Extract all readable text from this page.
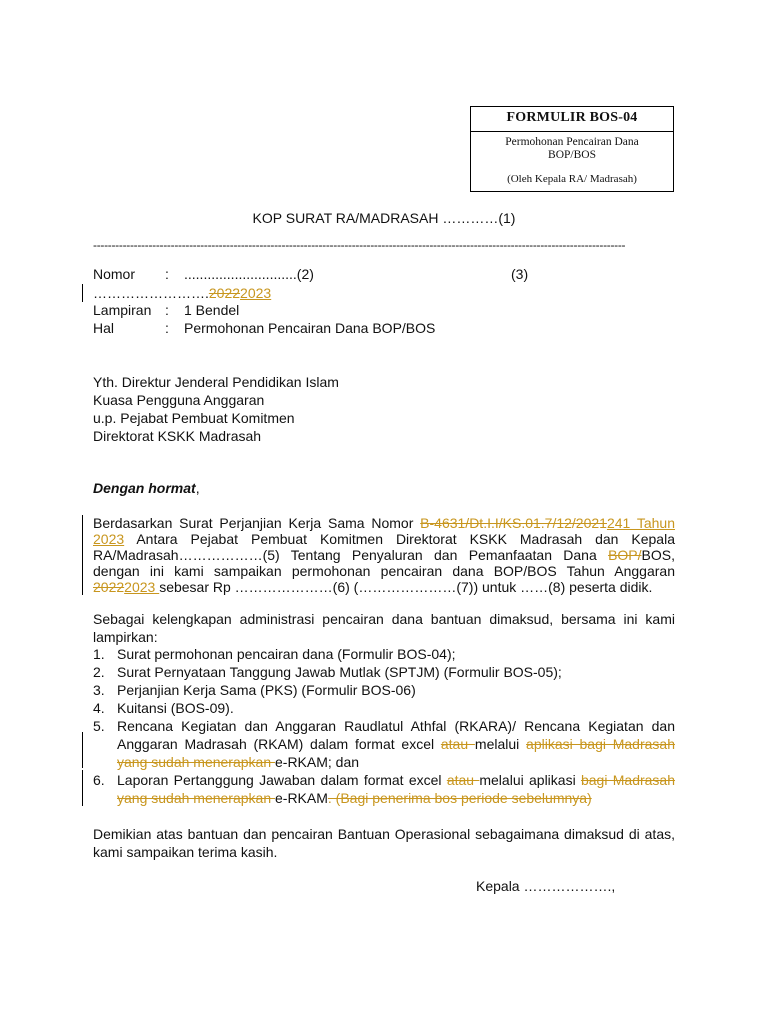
FORMULIR BOS-04
Permohonan Pencairan Dana
BOP/BOS
(Oleh Kepala RA/ Madrasah)
KOP SURAT RA/MADRASAH …………(1)
------------------------------------------------------------------------------------------------------------------------------------------------
Nomor : .............................(2)	(3)
…………………….20222023
Lampiran : 1 Bendel
Hal	: Permohonan Pencairan Dana BOP/BOS
Yth. Direktur Jenderal Pendidikan Islam
Kuasa Pengguna Anggaran
u.p. Pejabat Pembuat Komitmen
Direktorat KSKK Madrasah
Dengan hormat,
Berdasarkan Surat Perjanjian Kerja Sama Nomor B-4631/Dt.I.I/KS.01.7/12/2021241 Tahun 2023 Antara Pejabat Pembuat Komitmen Direktorat KSKK Madrasah dan Kepala RA/Madrasah………………(5) Tentang Penyaluran dan Pemanfaatan Dana BOP/BOS, dengan ini kami sampaikan permohonan pencairan dana BOP/BOS Tahun Anggaran 20222023 sebesar Rp …………………(6) (…………………(7)) untuk ……(8) peserta didik.
Sebagai kelengkapan administrasi pencairan dana bantuan dimaksud, bersama ini kami lampirkan:
1. Surat permohonan pencairan dana (Formulir BOS-04);
2. Surat Pernyataan Tanggung Jawab Mutlak (SPTJM) (Formulir BOS-05);
3. Perjanjian Kerja Sama (PKS) (Formulir BOS-06)
4. Kuitansi (BOS-09).
5. Rencana Kegiatan dan Anggaran Raudlatul Athfal (RKARA)/ Rencana Kegiatan dan Anggaran Madrasah (RKAM) dalam format excel atau melalui aplikasi bagi Madrasah yang sudah menerapkan e-RKAM; dan
6. Laporan Pertanggung Jawaban dalam format excel atau melalui aplikasi bagi Madrasah yang sudah menerapkan e-RKAM. (Bagi penerima bos periode sebelumnya)
Demikian atas bantuan dan pencairan Bantuan Operasional sebagaimana dimaksud di atas, kami sampaikan terima kasih.
Kepala ……………….,
